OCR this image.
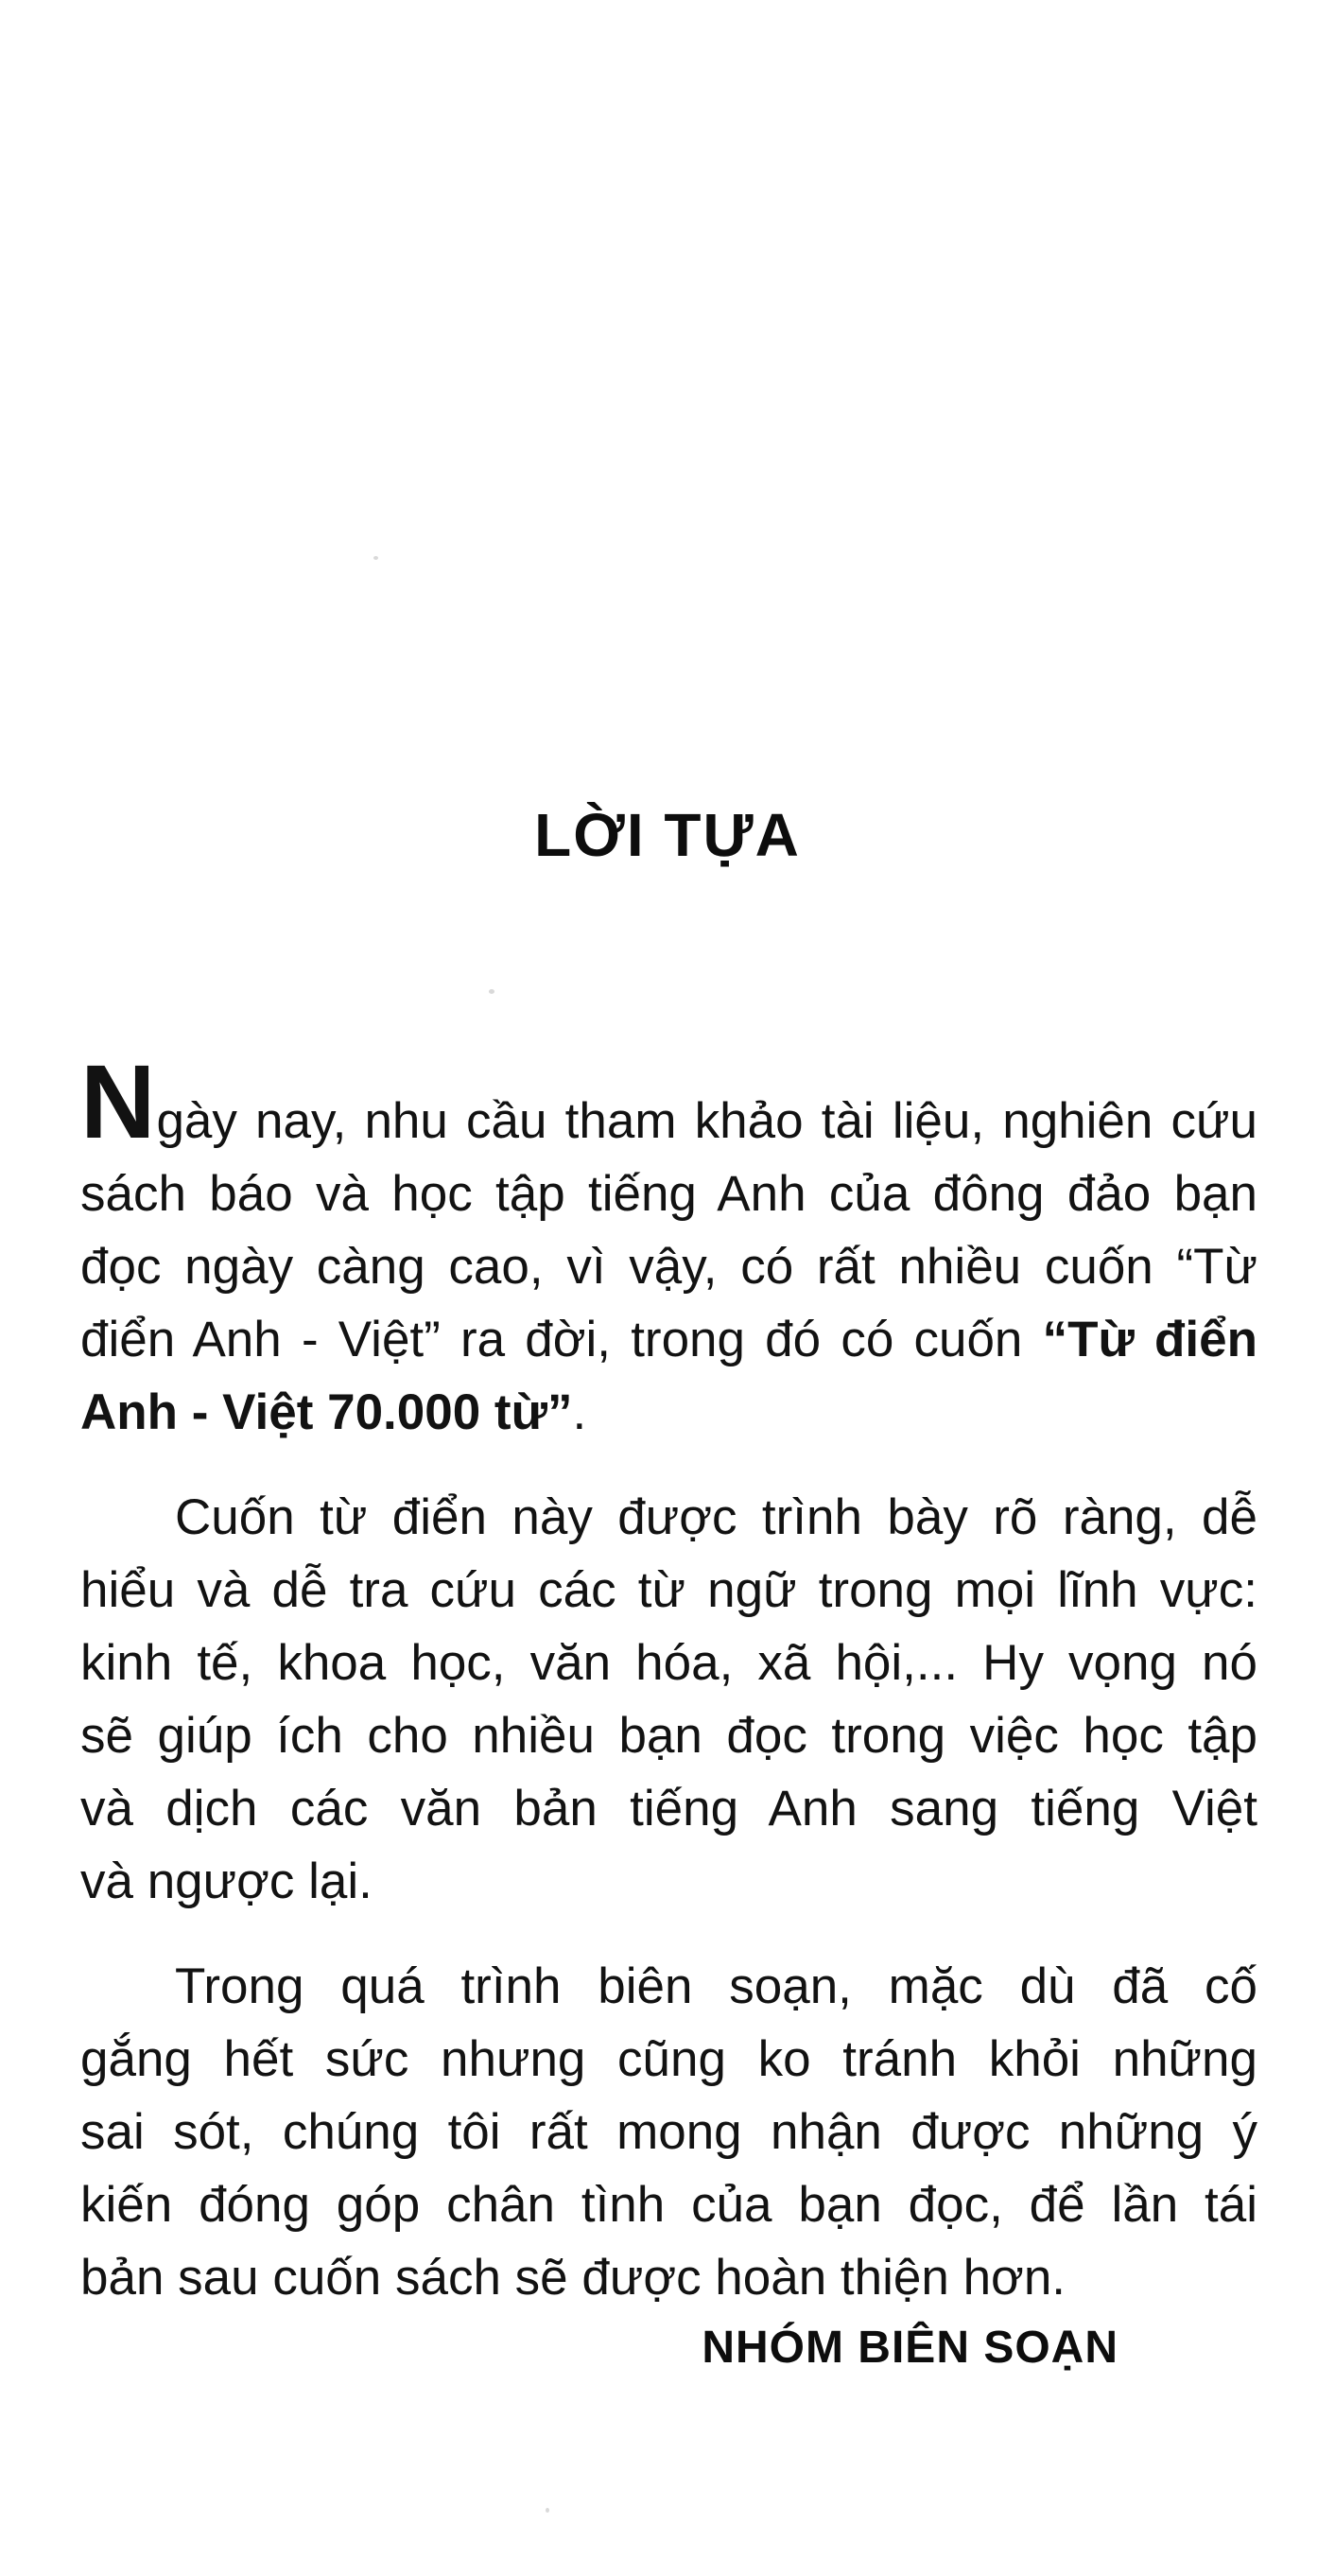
LỜI TỰA
Ngày nay, nhu cầu tham khảo tài liệu, nghiên cứu
sách báo và học tập tiếng Anh của đông đảo bạn
đọc ngày càng cao, vì vậy, có rất nhiều cuốn “Từ
điển Anh - Việt” ra đời, trong đó có cuốn “Từ điển
Anh - Việt 70.000 từ”.
Cuốn từ điển này được trình bày rõ ràng, dễ
hiểu và dễ tra cứu các từ ngữ trong mọi lĩnh vực:
kinh tế, khoa học, văn hóa, xã hội,... Hy vọng nó
sẽ giúp ích cho nhiều bạn đọc trong việc học tập
và dịch các văn bản tiếng Anh sang tiếng Việt
và ngược lại.
Trong quá trình biên soạn, mặc dù đã cố
gắng hết sức nhưng cũng ko tránh khỏi những
sai sót, chúng tôi rất mong nhận được những ý
kiến đóng góp chân tình của bạn đọc, để lần tái
bản sau cuốn sách sẽ được hoàn thiện hơn.
NHÓM BIÊN SOẠN
